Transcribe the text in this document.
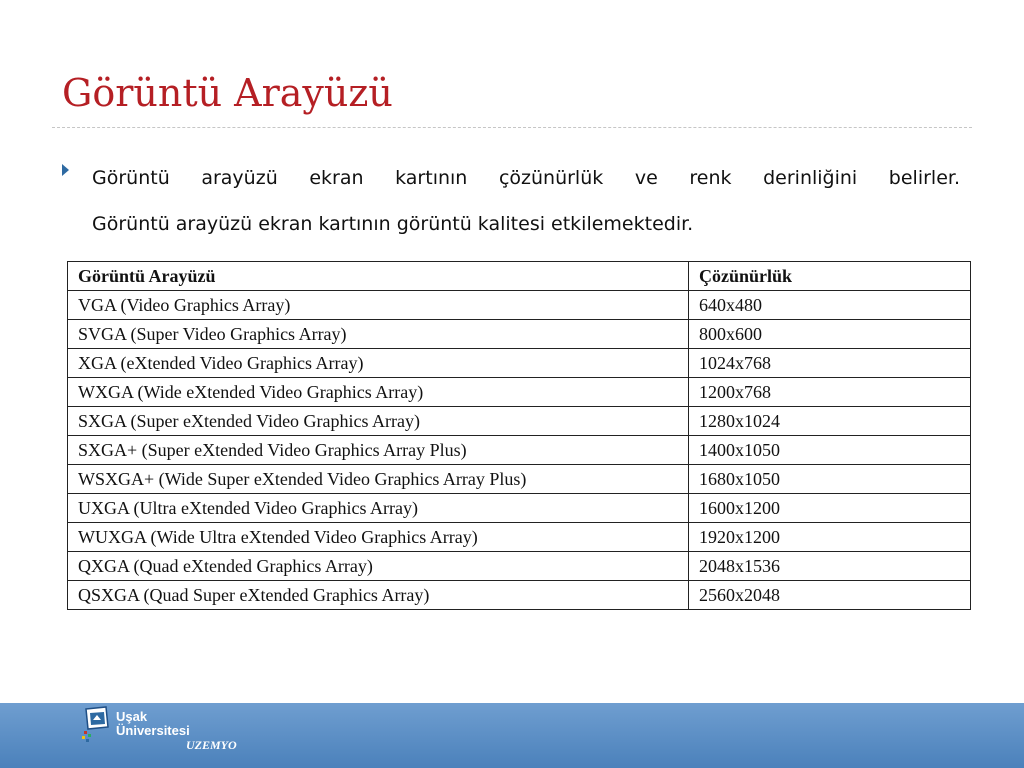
Görüntü Arayüzü
Görüntü arayüzü ekran kartının çözünürlük ve renk derinliğini belirler.
Görüntü arayüzü ekran kartının görüntü kalitesi etkilemektedir.
Görüntü Arayüzü	Çözünürlük
VGA (Video Graphics Array)	640x480
SVGA (Super Video Graphics Array)	800x600
XGA (eXtended Video Graphics Array)	1024x768
WXGA (Wide eXtended Video Graphics Array)	1200x768
SXGA (Super eXtended Video Graphics Array)	1280x1024
SXGA+ (Super eXtended Video Graphics Array Plus)	1400x1050
WSXGA+ (Wide Super eXtended Video Graphics Array Plus)	1680x1050
UXGA (Ultra eXtended Video Graphics Array)	1600x1200
WUXGA (Wide Ultra eXtended Video Graphics Array)	1920x1200
QXGA (Quad eXtended Graphics Array)	2048x1536
QSXGA (Quad Super eXtended Graphics Array)	2560x2048
Uşak
Üniversitesi
UZEMYO
